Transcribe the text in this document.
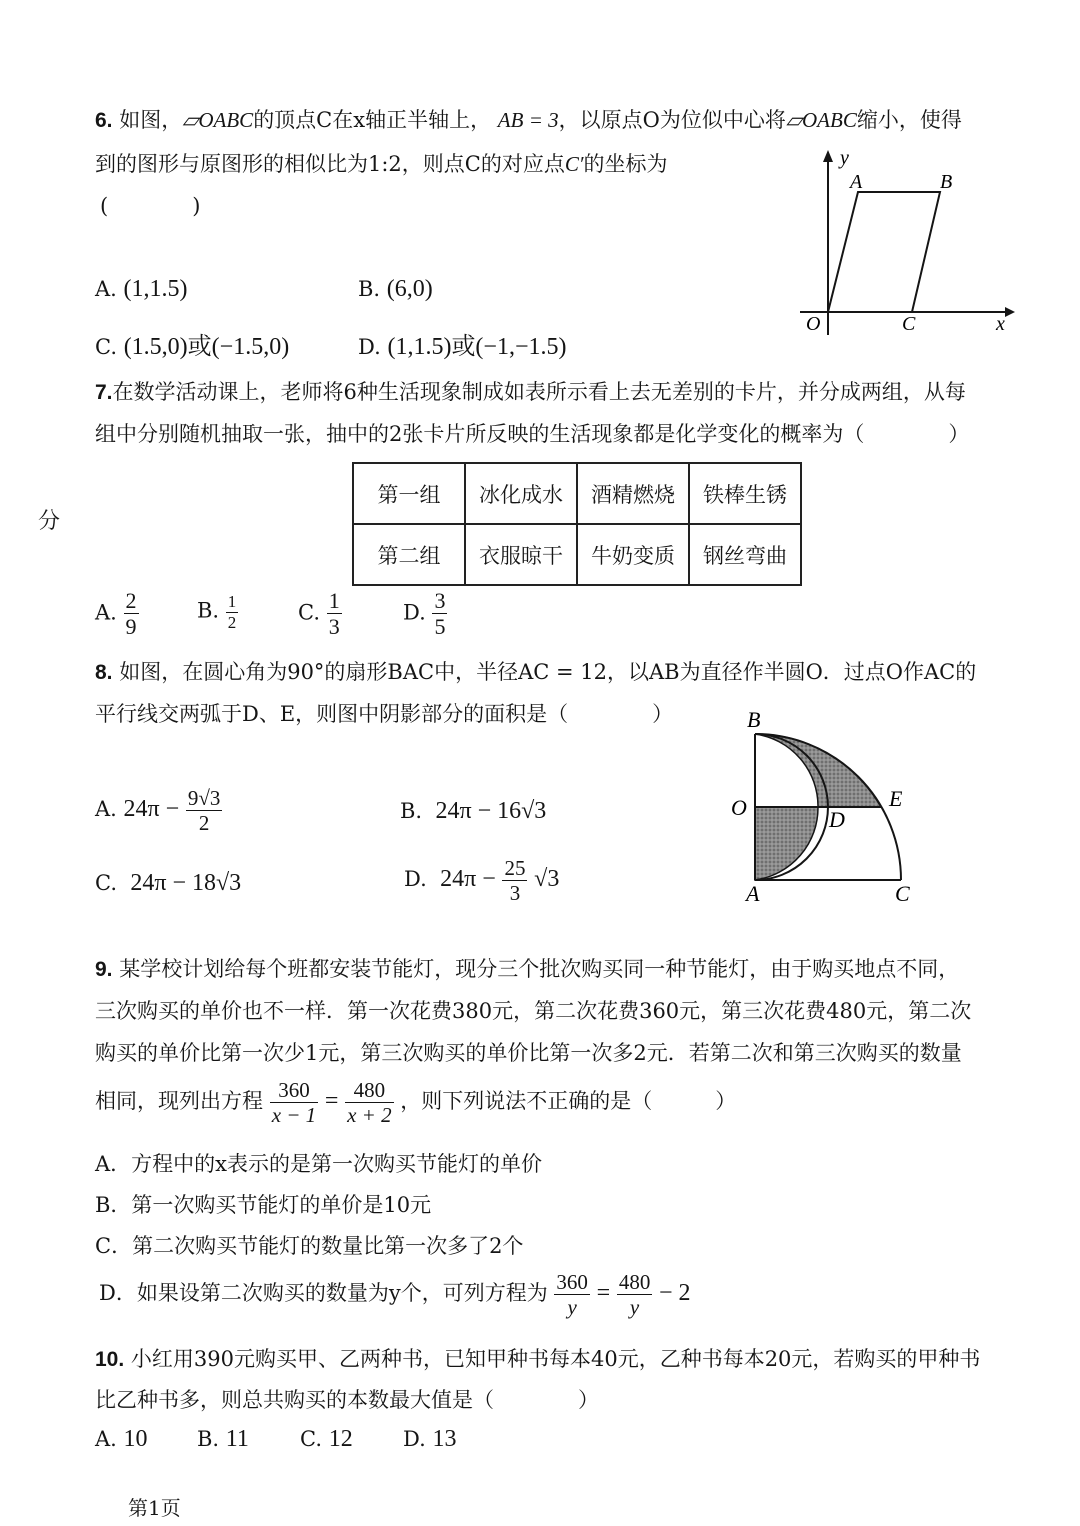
6. 如图，▱OABC的顶点C在x轴正半轴上， AB = 3，以原点O为位似中心将▱OABC缩小，使得
到的图形与原图形的相似比为1:2，则点C的对应点C′的坐标为
(　　　　)
A. (1,1.5)	B. (6,0)
C. (1.5,0)或(−1.5,0)	D. (1,1.5)或(−1,−1.5)
y
A	B
O	C	x
7.在数学活动课上，老师将6种生活现象制成如表所示看上去无差别的卡片，并分成两组，从每
组中分别随机抽取一张，抽中的2张卡片所反映的生活现象都是化学变化的概率为（　　　　）
第一组	冰化成水	酒精燃烧	铁棒生锈
第二组	衣服晾干	牛奶变质	钢丝弯曲
分
A. $\frac{2}{9}$	B. $\frac{1}{2}$	C. $\frac{1}{3}$	D. $\frac{3}{5}$
8. 如图，在圆心角为90°的扇形BAC中，半径AC = 12，以AB为直径作半圆O．过点O作AC的
平行线交两弧于D、E，则图中阴影部分的面积是（　　　　）
A. $24\pi - \frac{9√3}{2}$	B. 24π − 16√3
C. 24π − 18√3	D. $24\pi - \frac{25}{3} √3$
B
O	D
E
A	C
9. 某学校计划给每个班都安装节能灯，现分三个批次购买同一种节能灯，由于购买地点不同，
三次购买的单价也不一样．第一次花费380元，第二次花费360元，第三次花费480元，第二次
购买的单价比第一次少1元，第三次购买的单价比第一次多2元．若第二次和第三次购买的数量
相同，现列出方程 $\frac{360}{x - 1} = \frac{480}{x + 2}$ ，则下列说法不正确的是（　　　）
A．方程中的x表示的是第一次购买节能灯的单价
B．第一次购买节能灯的单价是10元
C．第二次购买节能灯的数量比第一次多了2个
D．如果设第二次购买的数量为y个，可列方程为 $\frac{360}{y} = \frac{480}{y} - 2$
10. 小红用390元购买甲、乙两种书，已知甲种书每本40元，乙种书每本20元，若购买的甲种书
比乙种书多，则总共购买的本数最大值是（　　　　）
A. 10 B. 11 C. 12 D. 13
第1页
